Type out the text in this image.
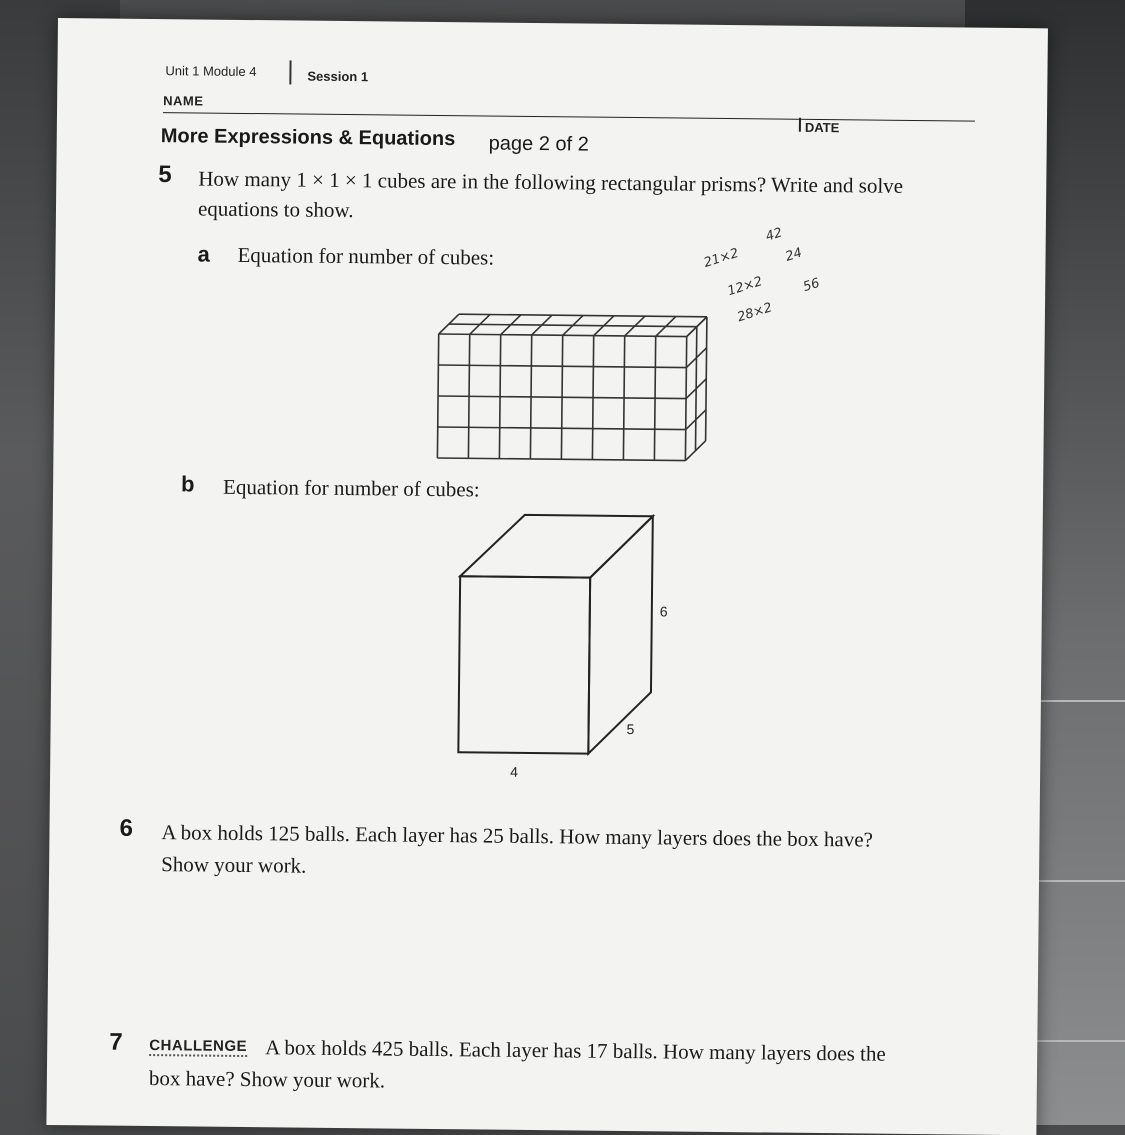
Unit 1 Module 4	Session 1
NAME
DATE
More Expressions & Equations page 2 of 2
5 How many 1 × 1 × 1 cubes are in the following rectangular prisms? Write and solve
equations to show.
a Equation for number of cubes:
42
21×2	24
12×2	56
28×2
b Equation for number of cubes:
6
5
4
6 A box holds 125 balls. Each layer has 25 balls. How many layers does the box have?
Show your work.
7 CHALLENGE A box holds 425 balls. Each layer has 17 balls. How many layers does the
box have? Show your work.
